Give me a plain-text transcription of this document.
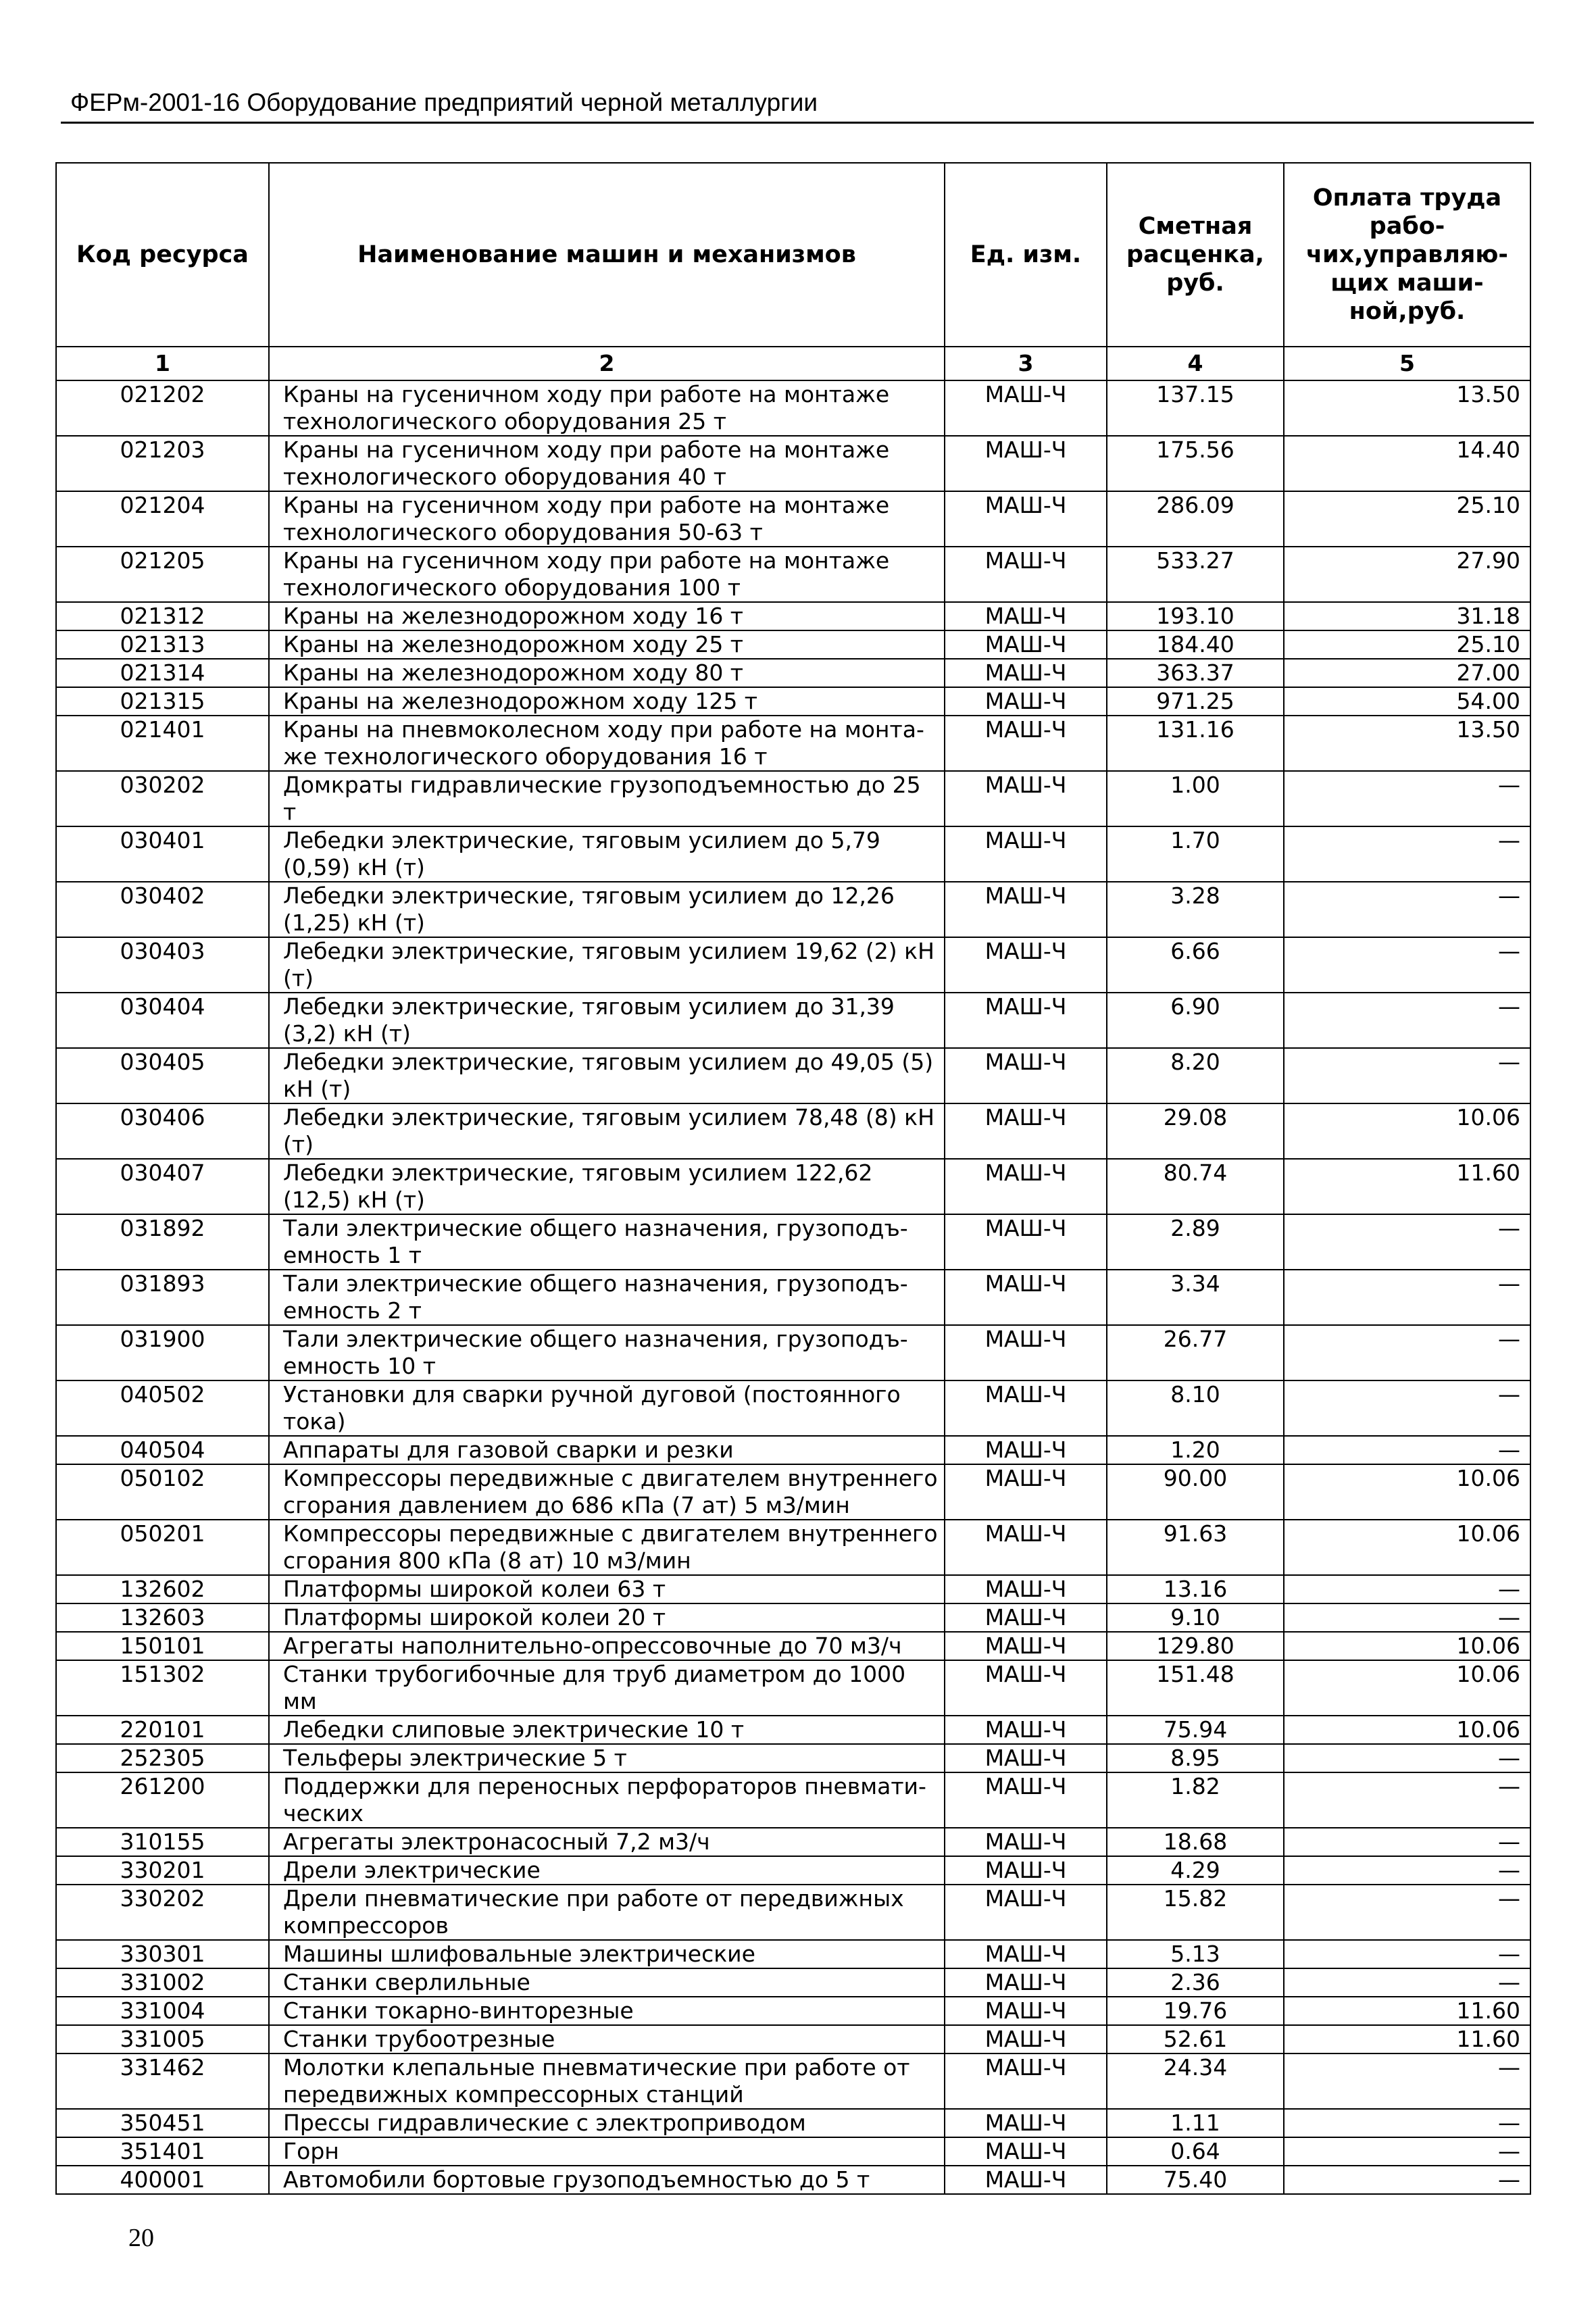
ФЕРм-2001-16 Оборудование предприятий черной металлургии
Код ресурса	Наименование машин и механизмов	Ед. изм.	Сметная расценка, руб.	Оплата труда рабо-чих,управляю-щих маши-ной,руб.
1	2	3	4	5
021202	Краны на гусеничном ходу при работе на монтаже технологического оборудования 25 т	МАШ-Ч	137.15	13.50
021203	Краны на гусеничном ходу при работе на монтаже технологического оборудования 40 т	МАШ-Ч	175.56	14.40
021204	Краны на гусеничном ходу при работе на монтаже технологического оборудования 50-63 т	МАШ-Ч	286.09	25.10
021205	Краны на гусеничном ходу при работе на монтаже технологического оборудования 100 т	МАШ-Ч	533.27	27.90
021312	Краны на железнодорожном ходу 16 т	МАШ-Ч	193.10	31.18
021313	Краны на железнодорожном ходу 25 т	МАШ-Ч	184.40	25.10
021314	Краны на железнодорожном ходу 80 т	МАШ-Ч	363.37	27.00
021315	Краны на железнодорожном ходу 125 т	МАШ-Ч	971.25	54.00
021401	Краны на пневмоколесном ходу при работе на монта-же технологического оборудования 16 т	МАШ-Ч	131.16	13.50
030202	Домкраты гидравлические грузоподъемностью до 25 т	МАШ-Ч	1.00	—
030401	Лебедки электрические, тяговым усилием до 5,79 (0,59) кН (т)	МАШ-Ч	1.70	—
030402	Лебедки электрические, тяговым усилием до 12,26 (1,25) кН (т)	МАШ-Ч	3.28	—
030403	Лебедки электрические, тяговым усилием 19,62 (2) кН (т)	МАШ-Ч	6.66	—
030404	Лебедки электрические, тяговым усилием до 31,39 (3,2) кН (т)	МАШ-Ч	6.90	—
030405	Лебедки электрические, тяговым усилием до 49,05 (5) кН (т)	МАШ-Ч	8.20	—
030406	Лебедки электрические, тяговым усилием 78,48 (8) кН (т)	МАШ-Ч	29.08	10.06
030407	Лебедки электрические, тяговым усилием 122,62 (12,5) кН (т)	МАШ-Ч	80.74	11.60
031892	Тали электрические общего назначения, грузоподъ-емность 1 т	МАШ-Ч	2.89	—
031893	Тали электрические общего назначения, грузоподъ-емность 2 т	МАШ-Ч	3.34	—
031900	Тали электрические общего назначения, грузоподъ-емность 10 т	МАШ-Ч	26.77	—
040502	Установки для сварки ручной дуговой (постоянного тока)	МАШ-Ч	8.10	—
040504	Аппараты для газовой сварки и резки	МАШ-Ч	1.20	—
050102	Компрессоры передвижные с двигателем внутреннего сгорания давлением до 686 кПа (7 ат) 5 м3/мин	МАШ-Ч	90.00	10.06
050201	Компрессоры передвижные с двигателем внутреннего сгорания 800 кПа (8 ат) 10 м3/мин	МАШ-Ч	91.63	10.06
132602	Платформы широкой колеи 63 т	МАШ-Ч	13.16	—
132603	Платформы широкой колеи 20 т	МАШ-Ч	9.10	—
150101	Агрегаты наполнительно-опрессовочные до 70 м3/ч	МАШ-Ч	129.80	10.06
151302	Станки трубогибочные для труб диаметром до 1000 мм	МАШ-Ч	151.48	10.06
220101	Лебедки слиповые электрические 10 т	МАШ-Ч	75.94	10.06
252305	Тельферы электрические 5 т	МАШ-Ч	8.95	—
261200	Поддержки для переносных перфораторов пневмати-ческих	МАШ-Ч	1.82	—
310155	Агрегаты электронасосный 7,2 м3/ч	МАШ-Ч	18.68	—
330201	Дрели электрические	МАШ-Ч	4.29	—
330202	Дрели пневматические при работе от передвижных компрессоров	МАШ-Ч	15.82	—
330301	Машины шлифовальные электрические	МАШ-Ч	5.13	—
331002	Станки сверлильные	МАШ-Ч	2.36	—
331004	Станки токарно-винторезные	МАШ-Ч	19.76	11.60
331005	Станки трубоотрезные	МАШ-Ч	52.61	11.60
331462	Молотки клепальные пневматические при работе от передвижных компрессорных станций	МАШ-Ч	24.34	—
350451	Прессы гидравлические с электроприводом	МАШ-Ч	1.11	—
351401	Горн	МАШ-Ч	0.64	—
400001	Автомобили бортовые грузоподъемностью до 5 т	МАШ-Ч	75.40	—
20
